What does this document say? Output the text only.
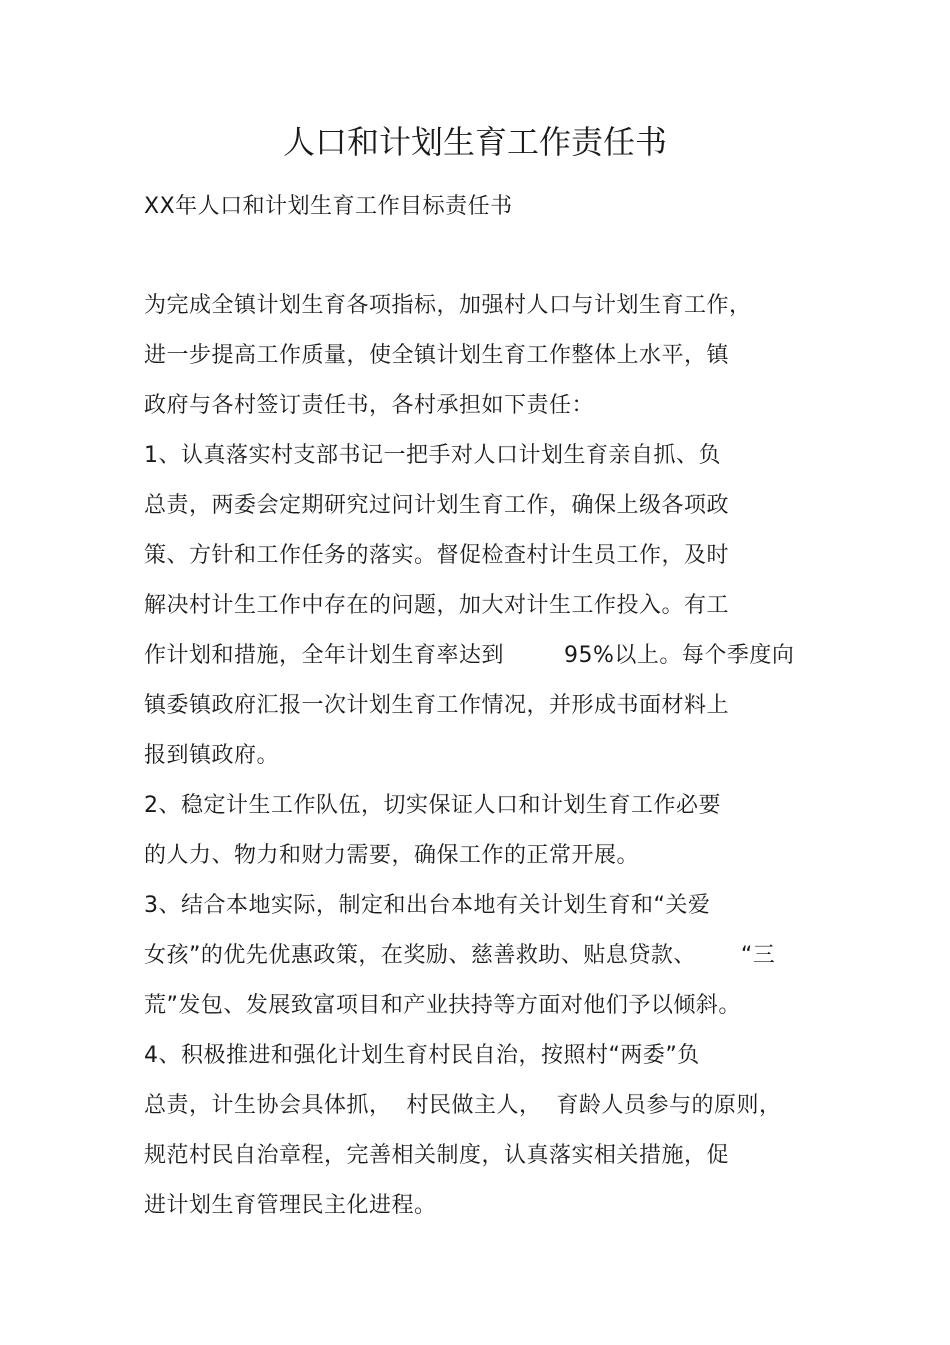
人口和计划生育工作责任书
XX年人口和计划生育工作目标责任书
为完成全镇计划生育各项指标，加强村人口与计划生育工作，
进一步提高工作质量，使全镇计划生育工作整体上水平，镇
政府与各村签订责任书，各村承担如下责任：
1、认真落实村支部书记一把手对人口计划生育亲自抓、负
总责，两委会定期研究过问计划生育工作，确保上级各项政
策、方针和工作任务的落实。督促检查村计生员工作，及时
解决村计生工作中存在的问题，加大对计生工作投入。有工
作计划和措施，全年计划生育率达到        95%以上。每个季度向
镇委镇政府汇报一次计划生育工作情况，并形成书面材料上
报到镇政府。
2、稳定计生工作队伍，切实保证人口和计划生育工作必要
的人力、物力和财力需要，确保工作的正常开展。
3、结合本地实际，制定和出台本地有关计划生育和“关爱
女孩”的优先优惠政策，在奖励、慈善救助、贴息贷款、      “三
荒”发包、发展致富项目和产业扶持等方面对他们予以倾斜。
4、积极推进和强化计划生育村民自治，按照村“两委”负
总责，计生协会具体抓，  村民做主人，  育龄人员参与的原则，
规范村民自治章程，完善相关制度，认真落实相关措施，促
进计划生育管理民主化进程。
